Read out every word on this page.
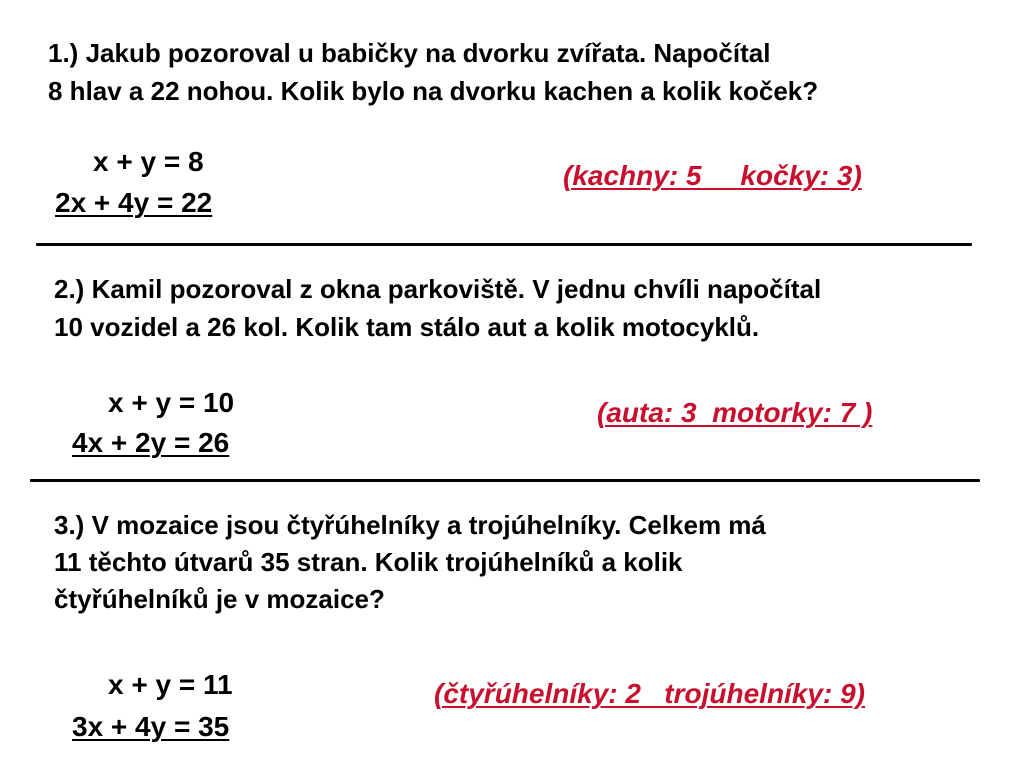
1.) Jakub pozoroval u babičky na dvorku zvířata. Napočítal
8 hlav a 22 nohou. Kolik bylo na dvorku kachen a kolik koček?
x + y = 8
2x + 4y = 22
(kachny: 5     kočky: 3)
2.) Kamil pozoroval z okna parkoviště. V jednu chvíli napočítal
10 vozidel a 26 kol. Kolik tam stálo aut a kolik motocyklů.
x + y = 10
4x + 2y = 26
(auta: 3  motorky: 7 )
3.) V mozaice jsou čtyřúhelníky a trojúhelníky. Celkem má
11 těchto útvarů 35 stran. Kolik trojúhelníků a kolik
čtyřúhelníků je v mozaice?
x + y = 11
3x + 4y = 35
(čtyřúhelníky: 2   trojúhelníky: 9)
